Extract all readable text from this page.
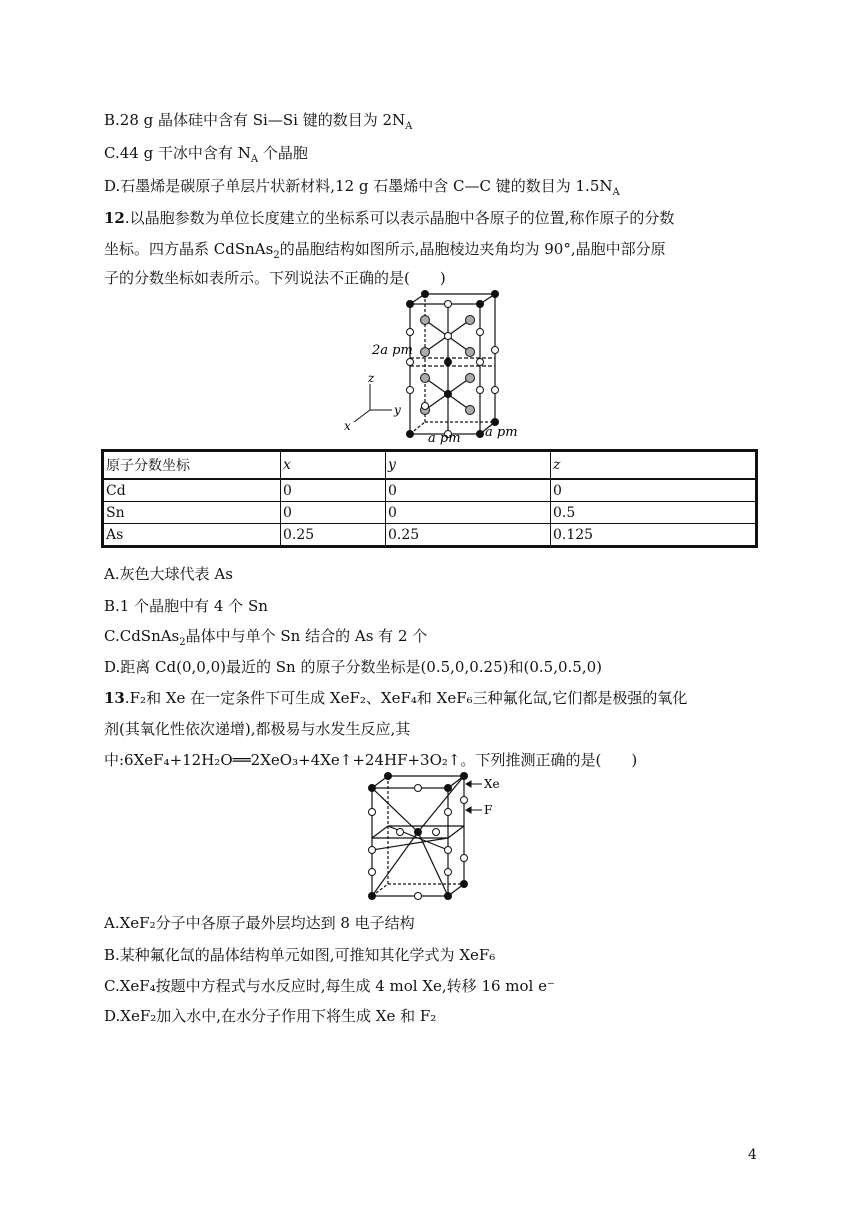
B.28 g 晶体硅中含有 Si—Si 键的数目为 $2N_A$
C.44 g 干冰中含有 $N_A$ 个晶胞
D.石墨烯是碳原子单层片状新材料,12 g 石墨烯中含 C—C 键的数目为 $1.5N_A$
12.以晶胞参数为单位长度建立的坐标系可以表示晶胞中各原子的位置,称作原子的分数
坐标。四方晶系 CdSnAs$_2$的晶胞结构如图所示,晶胞棱边夹角均为 90°,晶胞中部分原
子的分数坐标如表所示。下列说法不正确的是(　　)
2a pm
a pm a pm
z
y
x
原子分数坐标	x	y	z
Cd	0	0	0
Sn	0	0	0.5
As	0.25	0.25	0.125
A.灰色大球代表 As
B.1 个晶胞中有 4 个 Sn
C.CdSnAs$_2$晶体中与单个 Sn 结合的 As 有 2 个
D.距离 Cd(0,0,0)最近的 Sn 的原子分数坐标是(0.5,0,0.25)和(0.5,0.5,0)
13.F₂和 Xe 在一定条件下可生成 XeF₂、XeF₄和 XeF₆三种氟化氙,它们都是极强的氧化
剂(其氧化性依次递增),都极易与水发生反应,其
中:6XeF₄+12H₂O══2XeO₃+4Xe↑+24HF+3O₂↑。下列推测正确的是(　　)
Xe
F
A.XeF₂分子中各原子最外层均达到 8 电子结构
B.某种氟化氙的晶体结构单元如图,可推知其化学式为 XeF₆
C.XeF₄按题中方程式与水反应时,每生成 4 mol Xe,转移 16 mol e⁻
D.XeF₂加入水中,在水分子作用下将生成 Xe 和 F₂
4
